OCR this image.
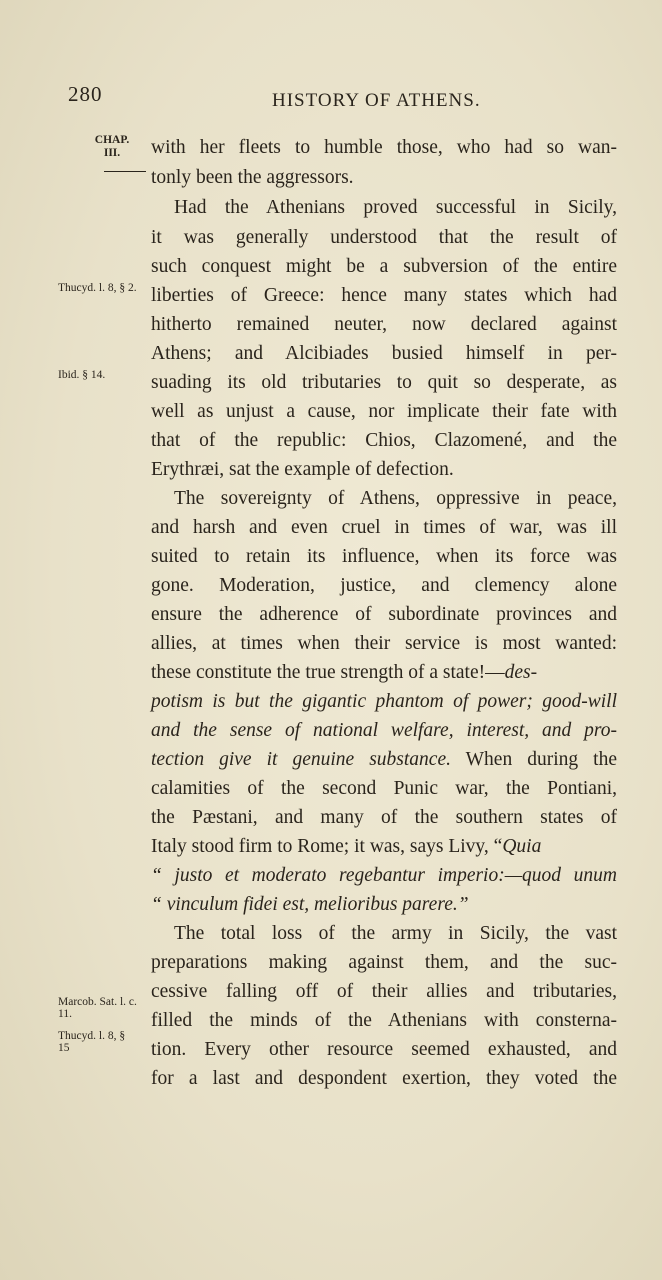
280	HISTORY OF ATHENS.
CHAP.
III.
Thucyd. l. 8, § 2.
Ibid. § 14.
Marcob. Sat. l. c. 11.
Thucyd. l. 8, § 15
with her fleets to humble those, who had so wan-
tonly been the aggressors.
Had the Athenians proved successful in Sicily,
it was generally understood that the result of
such conquest might be a subversion of the entire
liberties of Greece: hence many states which had
hitherto remained neuter, now declared against
Athens; and Alcibiades busied himself in per-
suading its old tributaries to quit so desperate, as
well as unjust a cause, nor implicate their fate with
that of the republic: Chios, Clazomené, and the
Erythræi, sat the example of defection.
The sovereignty of Athens, oppressive in peace,
and harsh and even cruel in times of war, was ill
suited to retain its influence, when its force was
gone. Moderation, justice, and clemency alone
ensure the adherence of subordinate provinces and
allies, at times when their service is most wanted:
these constitute the true strength of a state!—des-
potism is but the gigantic phantom of power; good-will
and the sense of national welfare, interest, and pro-
tection give it genuine substance. When during the
calamities of the second Punic war, the Pontiani,
the Pæstani, and many of the southern states of
Italy stood firm to Rome; it was, says Livy, “Quia
“ justo et moderato regebantur imperio:—quod unum
“ vinculum fidei est, melioribus parere.”
The total loss of the army in Sicily, the vast
preparations making against them, and the suc-
cessive falling off of their allies and tributaries,
filled the minds of the Athenians with consterna-
tion. Every other resource seemed exhausted, and
for a last and despondent exertion, they voted the
